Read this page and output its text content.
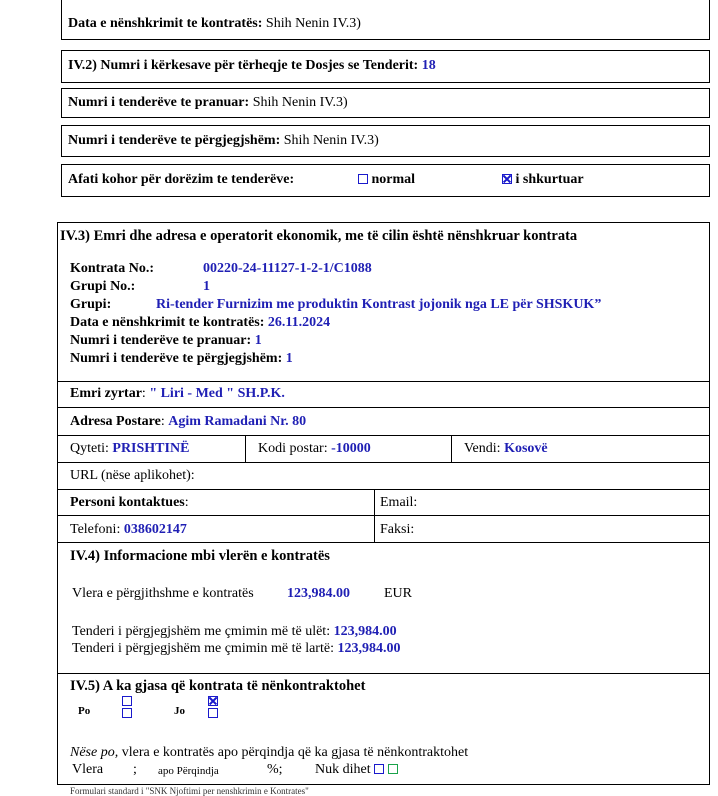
Data e nënshkrimit te kontratës: Shih Nenin IV.3)
IV.2) Numri i kërkesave për tërheqje te Dosjes se Tenderit: 18
Numri i tenderëve te pranuar: Shih Nenin IV.3)
Numri i tenderëve te përgjegjshëm: Shih Nenin IV.3)
Afati kohor për dorëzim te tenderëve:	normal	i shkurtuar
IV.3) Emri dhe adresa e operatorit ekonomik, me të cilin është nënshkruar kontrata
Kontrata No.:	00220-24-11127-1-2-1/C1088
Grupi No.:	1
Grupi:	Ri-tender Furnizim me produktin Kontrast jojonik nga LE për SHSKUK”
Data e nënshkrimit te kontratës: 26.11.2024
Numri i tenderëve te pranuar: 1
Numri i tenderëve te përgjegjshëm: 1
Emri zyrtar: " Liri - Med " SH.P.K.
Adresa Postare: Agim Ramadani Nr. 80
Qyteti: PRISHTINË	Kodi postar: -10000	Vendi: Kosovë
URL (nëse aplikohet):
Personi kontaktues:	Email:
Telefoni: 038602147	Faksi:
IV.4) Informacione mbi vlerën e kontratës
Vlera e përgjithshme e kontratës 123,984.00 EUR
Tenderi i përgjegjshëm me çmimin më të ulët: 123,984.00
Tenderi i përgjegjshëm me çmimin më të lartë: 123,984.00
IV.5) A ka gjasa që kontrata të nënkontraktohet
Po	Jo
Nëse po, vlera e kontratës apo përqindja që ka gjasa të nënkontraktohet
Vlera ; apo Përqindja	%; Nuk dihet
Formulari standard i "SNK Njoftimi per nenshkrimin e Kontrates"
